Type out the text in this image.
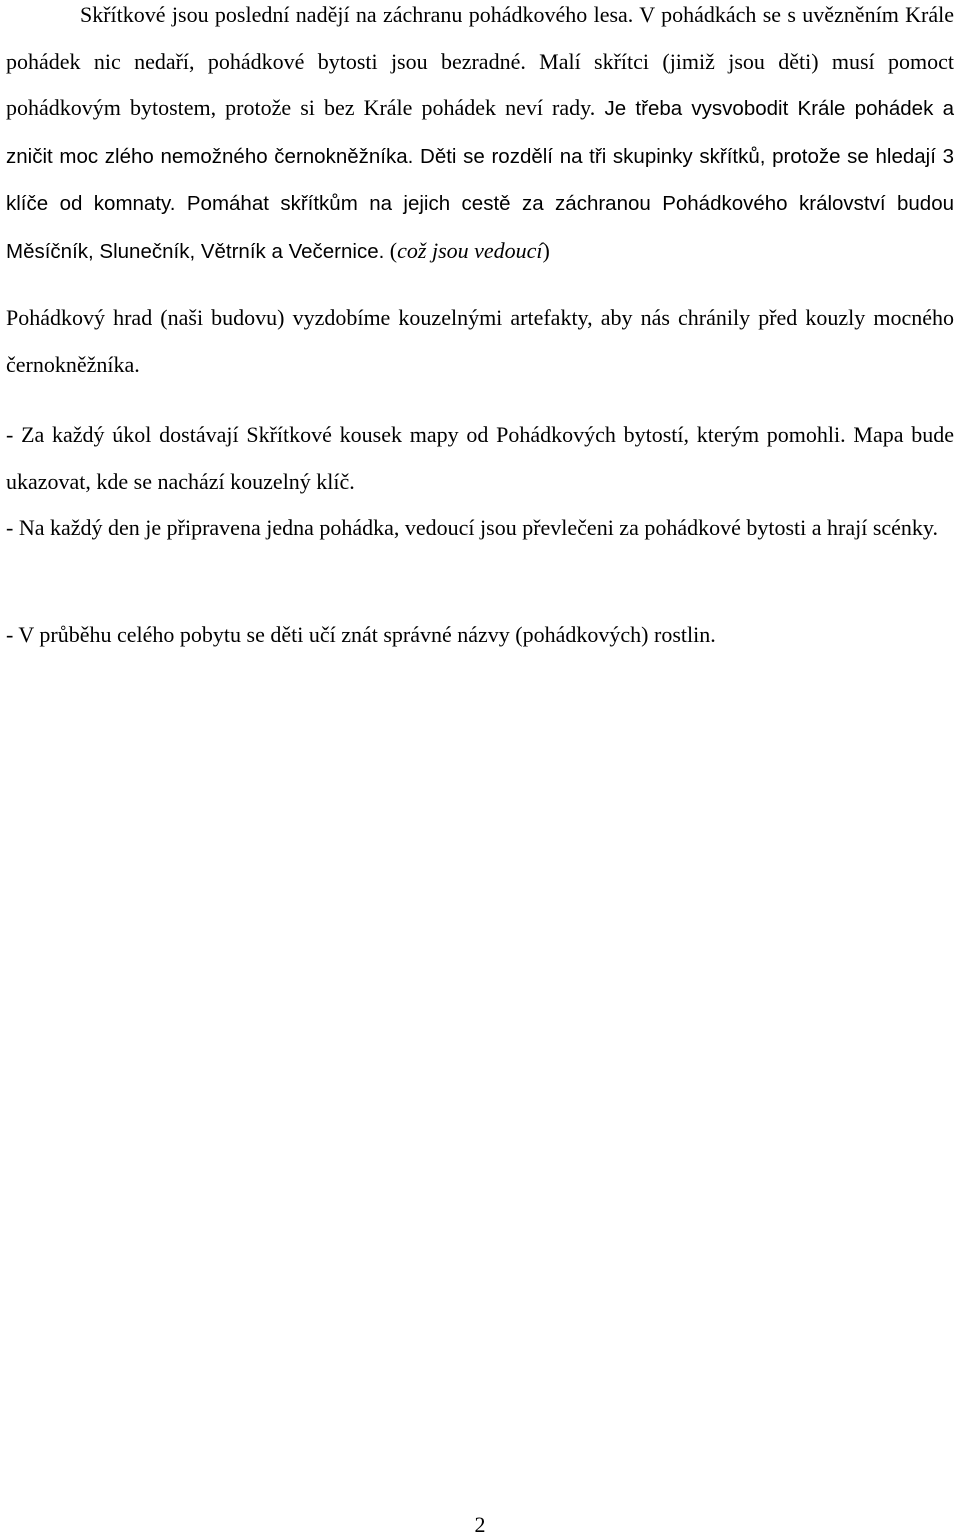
Skřítkové jsou poslední nadějí na záchranu pohádkového lesa. V pohádkách se s uvězněním Krále pohádek nic nedaří, pohádkové bytosti jsou bezradné. Malí skřítci (jimiž jsou děti) musí pomoct pohádkovým bytostem, protože si bez Krále pohádek neví rady. Je třeba vysvobodit Krále pohádek a zničit moc zlého nemožného černokněžníka. Děti se rozdělí na tři skupinky skřítků, protože se hledají 3 klíče od komnaty. Pomáhat skřítkům na jejich cestě za záchranou Pohádkového království budou Měsíčník, Slunečník, Větrník a Večernice. (což jsou vedoucí)

Pohádkový hrad (naši budovu) vyzdobíme kouzelnými artefakty, aby nás chránily před kouzly mocného černokněžníka.

- Za každý úkol dostávají Skřítkové kousek mapy od Pohádkových bytostí, kterým pomohli. Mapa bude ukazovat, kde se nachází kouzelný klíč.

- Na každý den je připravena jedna pohádka, vedoucí jsou převlečeni za pohádkové bytosti a hrají scénky.

- V průběhu celého pobytu se děti učí znát správné názvy (pohádkových) rostlin.

2
